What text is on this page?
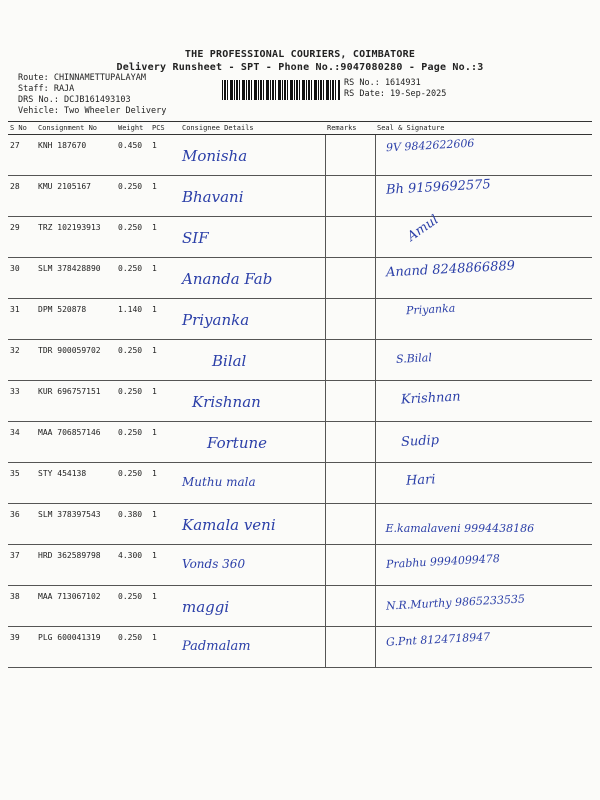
THE PROFESSIONAL COURIERS, COIMBATORE
Delivery Runsheet - SPT - Phone No.:9047080280 - Page No.:3
Route: CHINNAMETTUPALAYAM
Staff: RAJA
DRS No.: DCJB161493103
Vehicle: Two Wheeler Delivery
RS No.: 1614931
RS Date: 19-Sep-2025
S No	Consignment No	Weight	PCS	Consignee Details	Remarks	Seal & Signature
27	KNH 187670	0.450	1	Monisha		9V 9842622606

28	KMU 2105167	0.250	1	Bhavani		Bh 9159692575

29	TRZ 102193913	0.250	1	SIF		Amul

30	SLM 378428890	0.250	1	Ananda Fab		Anand 8248866889

31	DPM 520878	1.140	1	Priyanka		Priyanka

32	TDR 900059702	0.250	1	Bilal		S.Bilal

33	KUR 696757151	0.250	1	Krishnan		Krishnan

34	MAA 706857146	0.250	1	Fortune		Sudip

35	STY 454138	0.250	1	Muthu mala		Hari

36	SLM 378397543	0.380	1	Kamala veni		E.kamalaveni 9994438186

37	HRD 362589798	4.300	1	Vonds 360		Prabhu 9994099478

38	MAA 713067102	0.250	1	maggi		N.R.Murthy 9865233535

39	PLG 600041319	0.250	1	Padmalam		G.Pnt 8124718947
